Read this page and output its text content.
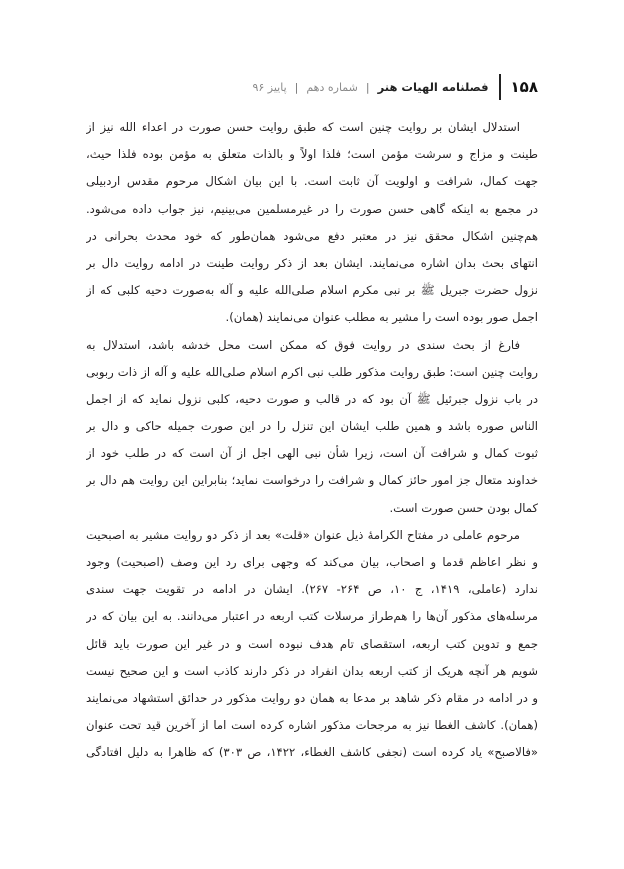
۱۵۸
فصلنامه الهیات هنر
|
شماره دهم
|
پاییز ۹۶
استدلال ایشان بر روایت چنین است که طبق روایت حسن صورت در اعداء الله نیز از
طینت و مزاج و سرشت مؤمن است؛ فلذا اولاً و بالذات متعلق به مؤمن بوده فلذا حیث،
جهت کمال، شرافت و اولویت آن ثابت است. با این بیان اشکال مرحوم مقدس اردبیلی
در مجمع به اینکه گاهی حسن صورت را در غیرمسلمین می‌بینیم، نیز جواب داده می‌شود.
هم‌چنین اشکال محقق نیز در معتبر دفع می‌شود همان‌طور که خود محدث بحرانی در
انتهای بحث بدان اشاره می‌نمایند. ایشان بعد از ذکر روایت طینت در ادامه روایت دال بر
نزول حضرت جبریل ﷺ بر نبی مکرم اسلام صلی‌الله علیه و آله به‌صورت دحیه کلبی که از
اجمل صور بوده است را مشیر به مطلب عنوان می‌نمایند (همان).
فارغ از بحث سندی در روایت فوق که ممکن است محل خدشه باشد، استدلال به
روایت چنین است: طبق روایت مذکور طلب نبی اکرم اسلام صلی‌الله علیه و آله از ذات ربوبی
در باب نزول جبرئیل ﷺ آن بود که در قالب و صورت دحیه، کلبی نزول نماید که از اجمل
الناس صوره باشد و همین طلب ایشان این تنزل را در این صورت جمیله حاکی و دال بر
ثبوت کمال و شرافت آن است، زیرا شأن نبی الهی اجل از آن است که در طلب خود از
خداوند متعال جز امور حائز کمال و شرافت را درخواست نماید؛ بنابراین این روایت هم دال بر
کمال بودن حسن صورت است.
مرحوم عاملی در مفتاح الکرامهٔ ذیل عنوان «قلت» بعد از ذکر دو روایت مشیر به اصبحیت
و نظر اعاظم قدما و اصحاب، بیان می‌کند که وجهی برای رد این وصف (اصبحیت) وجود
ندارد (عاملی، ۱۴۱۹، ج ۱۰، ص ۲۶۴- ۲۶۷). ایشان در ادامه در تقویت جهت سندی
مرسله‌های مذکور آن‌ها را هم‌طراز مرسلات کتب اربعه در اعتبار می‌دانند. به این بیان که در
جمع و تدوین کتب اربعه، استقصای تام هدف نبوده است و در غیر این صورت باید قائل
شویم هر آنچه هریک از کتب اربعه بدان انفراد در ذکر دارند کاذب است و این صحیح نیست
و در ادامه در مقام ذکر شاهد بر مدعا به همان دو روایت مذکور در حدائق استشهاد می‌نمایند
(همان). کاشف الغطا نیز به مرجحات مذکور اشاره کرده است اما از آخرین قید تحت عنوان
«فالاصبح» یاد کرده است (نجفی کاشف الغطاء، ۱۴۲۲، ص ۳۰۳) که ظاهرا به دلیل افتادگی
